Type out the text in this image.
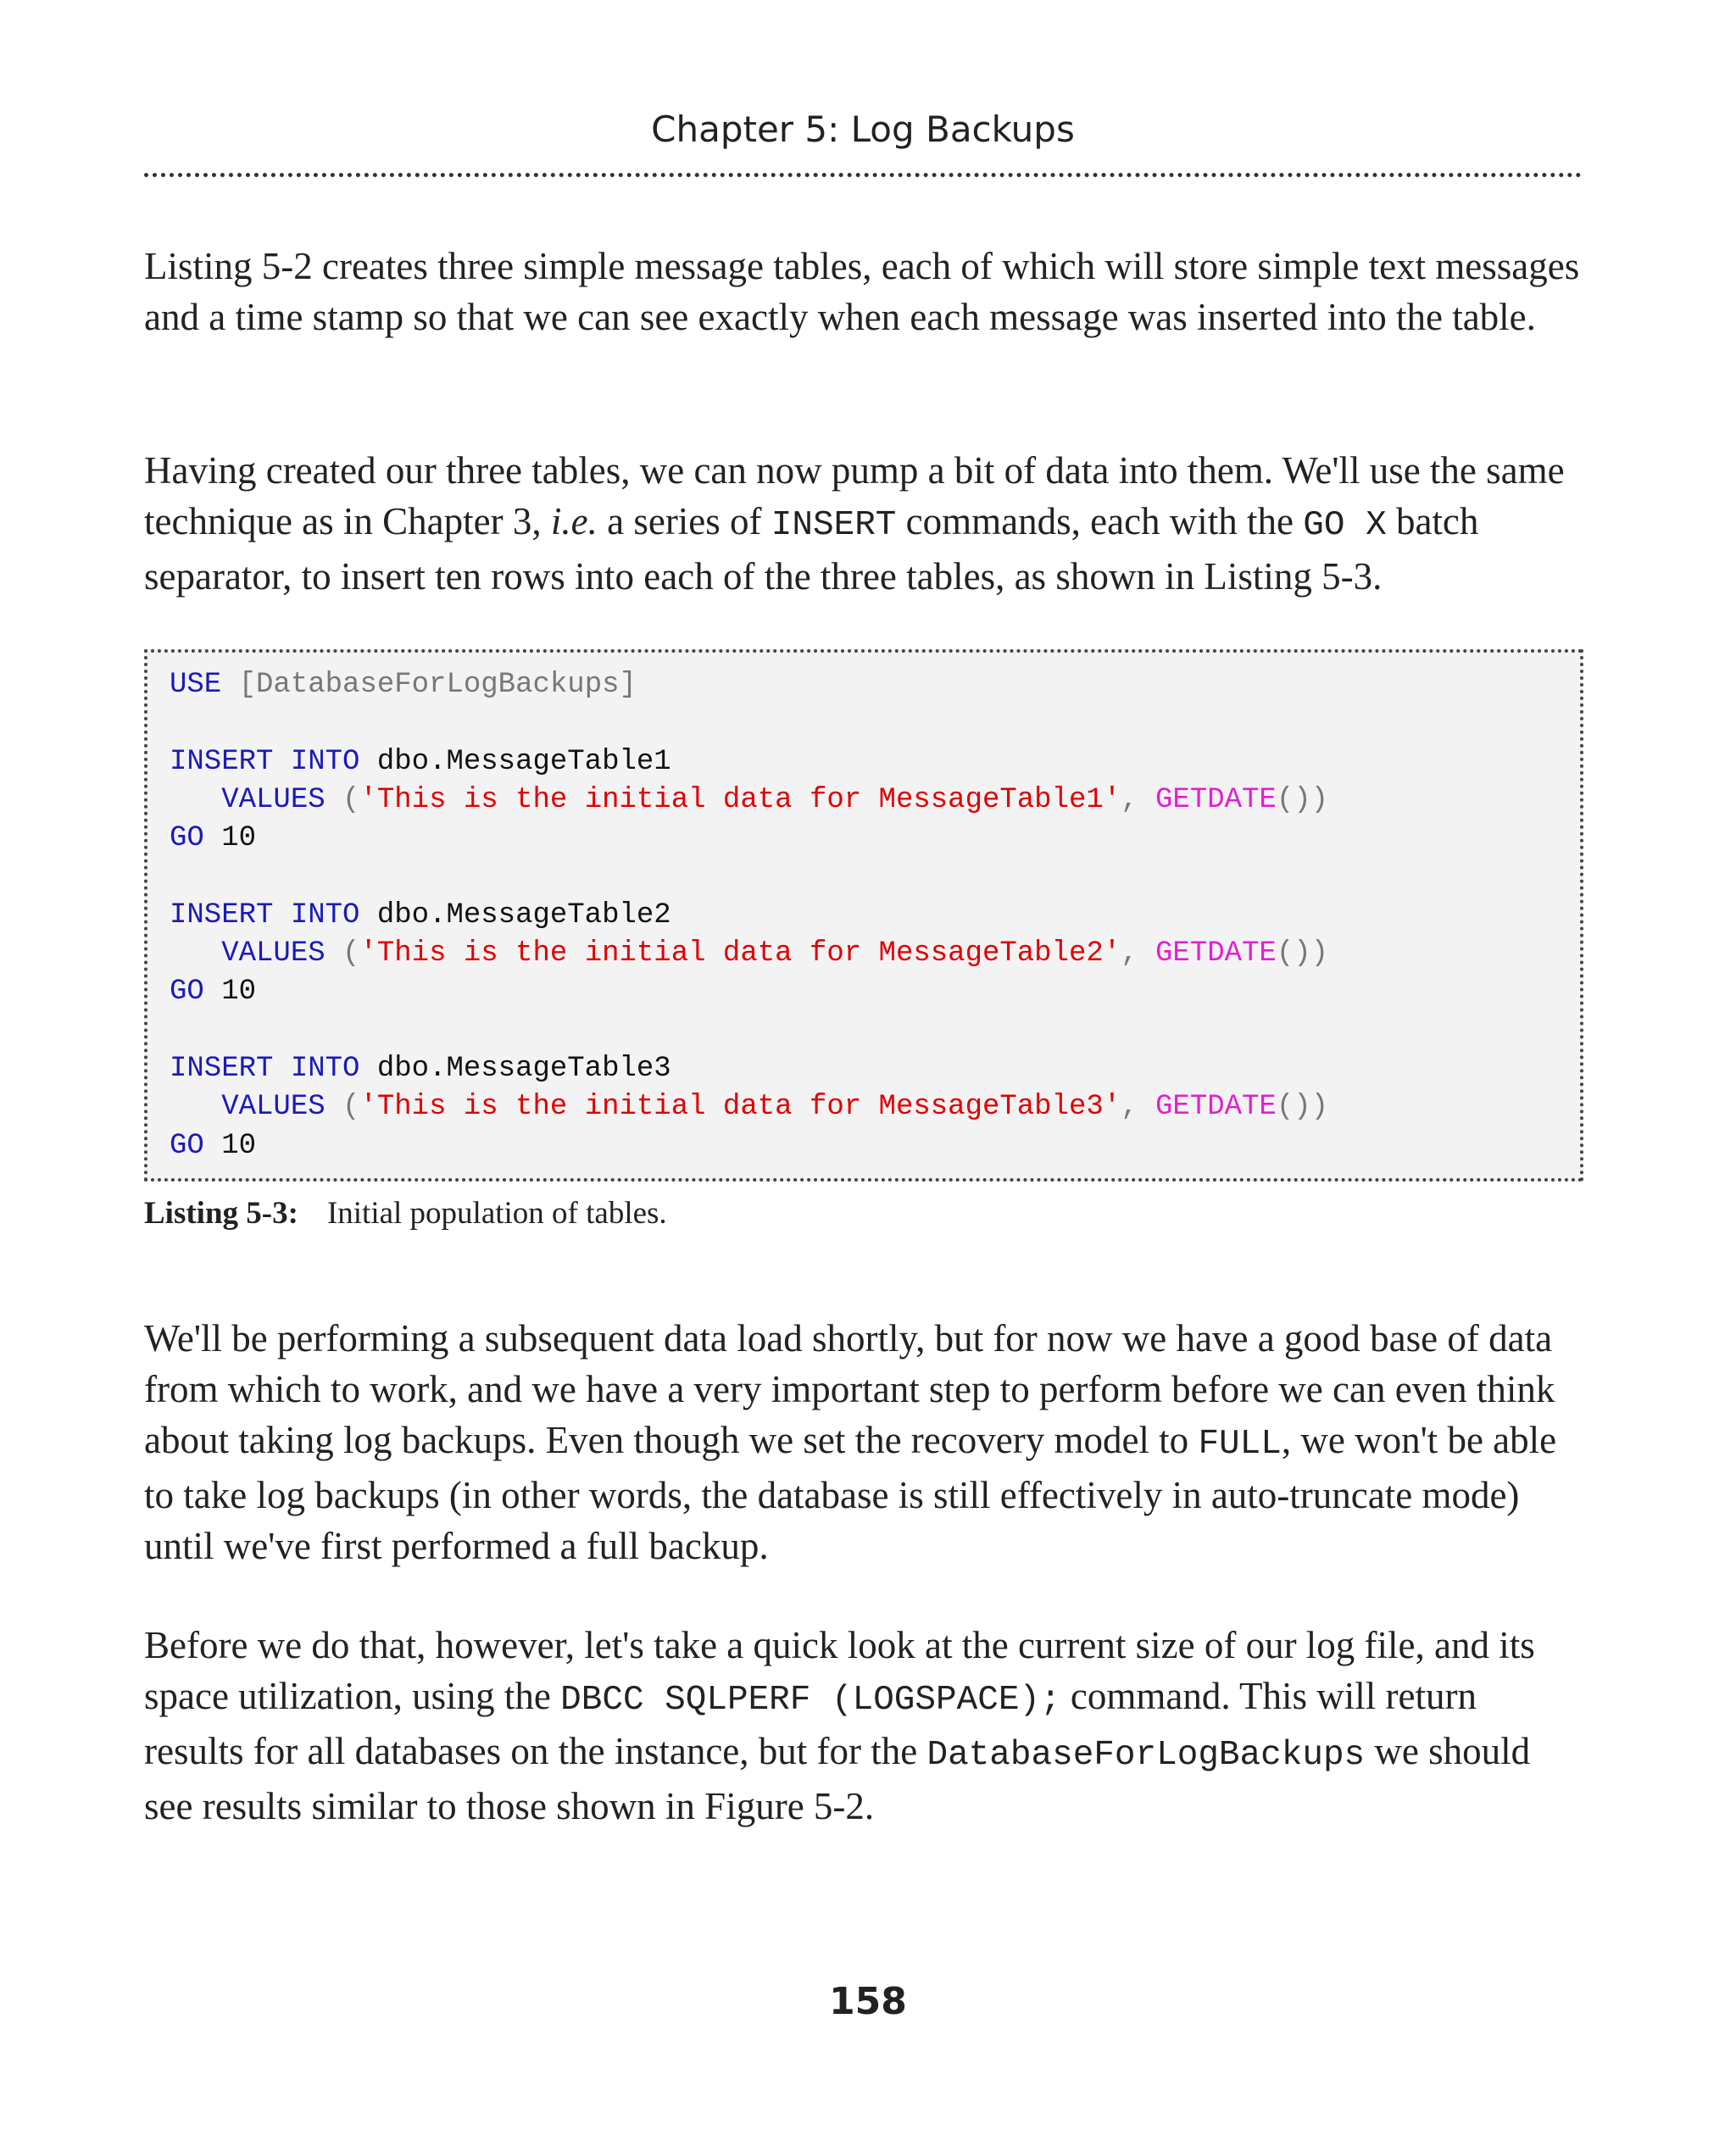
Chapter 5: Log Backups

Listing 5-2 creates three simple message tables, each of which will store simple text messages and a time stamp so that we can see exactly when each message was inserted into the table.

Having created our three tables, we can now pump a bit of data into them. We'll use the same technique as in Chapter 3, i.e. a series of INSERT commands, each with the GO X batch separator, to insert ten rows into each of the three tables, as shown in Listing 5-3.

USE [DatabaseForLogBackups]

INSERT INTO dbo.MessageTable1
VALUES ('This is the initial data for MessageTable1', GETDATE())
GO 10

INSERT INTO dbo.MessageTable2
VALUES ('This is the initial data for MessageTable2', GETDATE())
GO 10

INSERT INTO dbo.MessageTable3
VALUES ('This is the initial data for MessageTable3', GETDATE())
GO 10
Listing 5-3: Initial population of tables.

We'll be performing a subsequent data load shortly, but for now we have a good base of data from which to work, and we have a very important step to perform before we can even think about taking log backups. Even though we set the recovery model to FULL, we won't be able to take log backups (in other words, the database is still effectively in auto-truncate mode) until we've first performed a full backup.

Before we do that, however, let's take a quick look at the current size of our log file, and its space utilization, using the DBCC SQLPERF (LOGSPACE); command. This will return results for all databases on the instance, but for the DatabaseForLogBackups we should see results similar to those shown in Figure 5-2.

158
